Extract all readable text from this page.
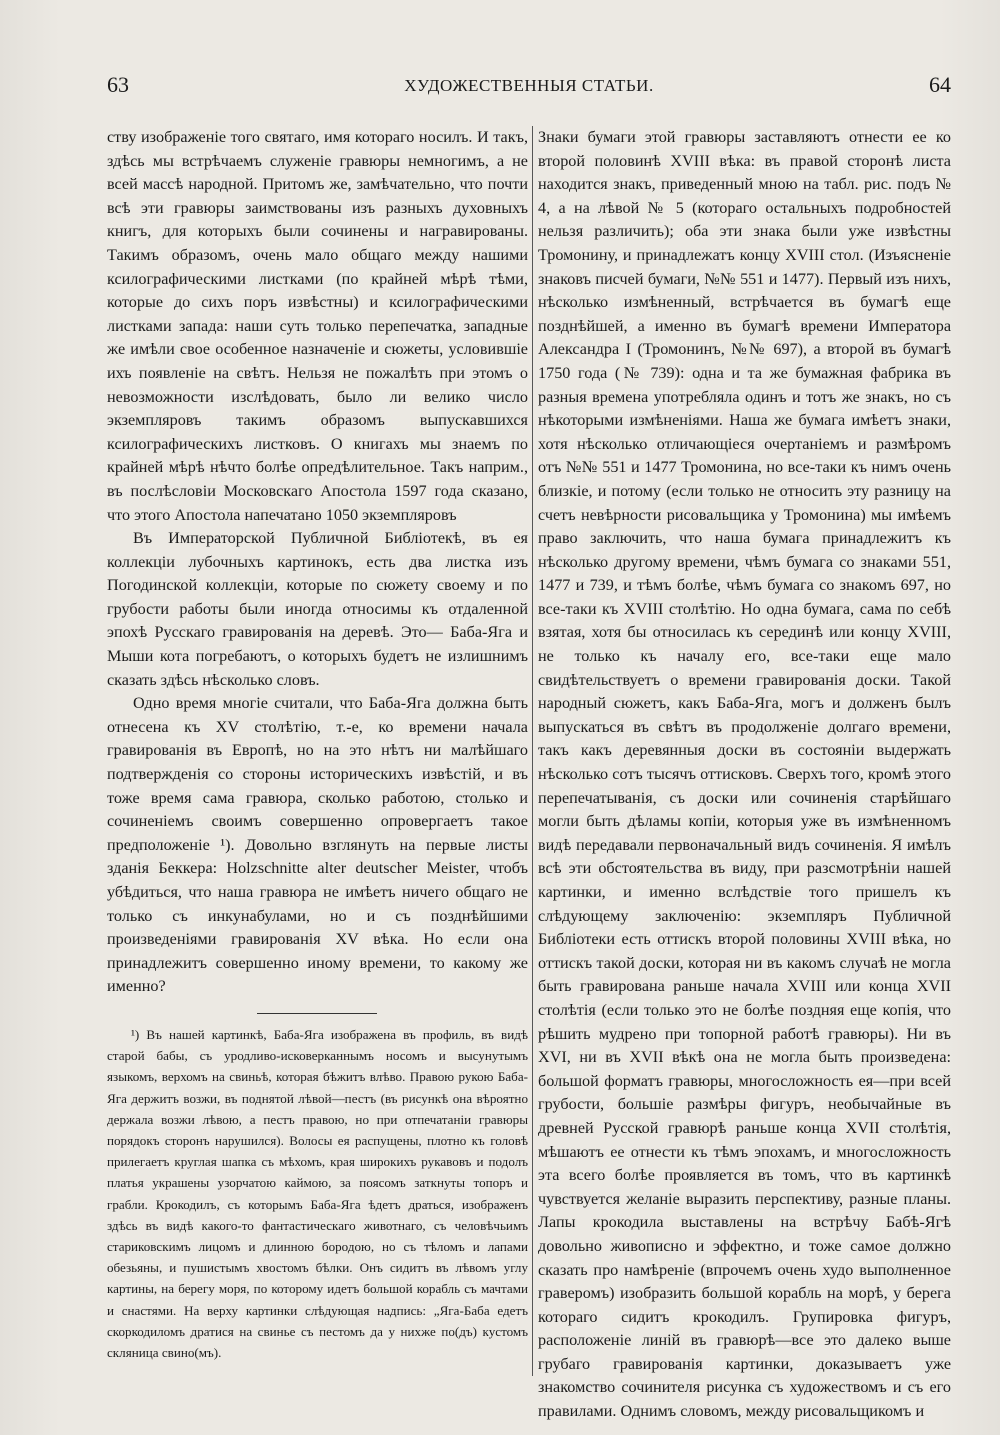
63	ХУДОЖЕСТВЕННЫЯ СТАТЬИ.	64

ству изображеніе того святаго, имя котораго носилъ. И такъ, здѣсь мы встрѣчаемъ служеніе гравюры немногимъ, а не всей массѣ народной. Притомъ же, замѣчательно, что почти всѣ эти гравюры заимствованы изъ разныхъ духовныхъ книгъ, для которыхъ были сочинены и награвированы. Такимъ образомъ, очень мало общаго между нашими ксилографическими листками (по крайней мѣрѣ тѣми, которые до сихъ поръ извѣстны) и ксилографическими листками запада: наши суть только перепечатка, западные же имѣли свое особенное назначеніе и сюжеты, условившіе ихъ появленіе на свѣтъ. Нельзя не пожалѣть при этомъ о невозможности изслѣдовать, было ли велико число экземпляровъ такимъ образомъ выпускавшихся ксилографическихъ листковъ. О книгахъ мы знаемъ по крайней мѣрѣ нѣчто болѣе опредѣлительное. Такъ наприм., въ послѣсловіи Московскаго Апостола 1597 года сказано, что этого Апостола напечатано 1050 экземпляровъ

Въ Императорской Публичной Библіотекѣ, въ ея коллекціи лубочныхъ картинокъ, есть два листка изъ Погодинской коллекціи, которые по сюжету своему и по грубости работы были иногда относимы къ отдаленной эпохѣ Русскаго гравированія на деревѣ. Это— Баба-Яга и Мыши кота погребаютъ, о которыхъ будетъ не излишнимъ сказать здѣсь нѣсколько словъ.

Одно время многіе считали, что Баба-Яга должна быть отнесена къ XV столѣтію, т.-е, ко времени начала гравированія въ Европѣ, но на это нѣтъ ни малѣйшаго подтвержденія со стороны историческихъ извѣстій, и въ тоже время сама гравюра, сколько работою, столько и сочиненіемъ своимъ совершенно опровергаетъ такое предположеніе ¹). Довольно взглянуть на первые листы зданія Беккера: Holzschnitte alter deutscher Meister, чтобъ убѣдиться, что наша гравюра не имѣетъ ничего общаго не только съ инкунабулами, но и съ позднѣйшими произведеніями гравированія XV вѣка. Но если она принадлежитъ совершенно иному времени, то какому же именно?

¹) Въ нашей картинкѣ, Баба-Яга изображена въ профиль, въ видѣ старой бабы, съ уродливо-исковерканнымъ носомъ и высунутымъ языкомъ, верхомъ на свиньѣ, которая бѣжитъ влѣво. Правою рукою Баба-Яга держитъ возжи, въ поднятой лѣвой—пестъ (въ рисункѣ она вѣроятно держала возжи лѣвою, а пестъ правою, но при отпечатаніи гравюры порядокъ сторонъ нарушился). Волосы ея распущены, плотно къ головѣ прилегаетъ круглая шапка съ мѣхомъ, края широкихъ рукавовъ и подолъ платья украшены узорчатою каймою, за поясомъ заткнуты топоръ и грабли. Крокодилъ, съ которымъ Баба-Яга ѣдетъ драться, изображенъ здѣсь въ видѣ какого-то фантастическаго животнаго, съ человѣчьимъ стариковскимъ лицомъ и длинною бородою, но съ тѣломъ и лапами обезьяны, и пушистымъ хвостомъ бѣлки. Онъ сидитъ въ лѣвомъ углу картины, на берегу моря, по которому идетъ большой корабль съ мачтами и снастями. На верху картинки слѣдующая надпись: „Яга-Баба едетъ скоркодиломъ дратися на свинье съ пестомъ да у нихже по(дъ) кустомъ скляница свино(мъ).

Знаки бумаги этой гравюры заставляютъ отнести ее ко второй половинѣ XVIII вѣка: въ правой сторонѣ листа находится знакъ, приведенный мною на табл. рис. подъ № 4, а на лѣвой № 5 (котораго остальныхъ подробностей нельзя различить); оба эти знака были уже извѣстны Тромонину, и принадлежатъ концу XVIII стол. (Изъясненіе знаковъ писчей бумаги, №№ 551 и 1477). Первый изъ нихъ, нѣсколько измѣненный, встрѣчается въ бумагѣ еще позднѣйшей, а именно въ бумагѣ времени Императора Александра I (Тромонинъ, №№ 697), а второй въ бумагѣ 1750 года (№ 739): одна и та же бумажная фабрика въ разныя времена употребляла одинъ и тотъ же знакъ, но съ нѣкоторыми измѣненіями. Наша же бумага имѣетъ знаки, хотя нѣсколько отличающіеся очертаніемъ и размѣромъ отъ №№ 551 и 1477 Тромонина, но все-таки къ нимъ очень близкіе, и потому (если только не относить эту разницу на счетъ невѣрности рисовальщика у Тромонина) мы имѣемъ право заключить, что наша бумага принадлежитъ къ нѣсколько другому времени, чѣмъ бумага со знаками 551, 1477 и 739, и тѣмъ болѣе, чѣмъ бумага со знакомъ 697, но все-таки къ XVIII столѣтію. Но одна бумага, сама по себѣ взятая, хотя бы относилась къ серединѣ или концу XVIII, не только къ началу его, все-таки еще мало свидѣтельствуетъ о времени гравированія доски. Такой народный сюжетъ, какъ Баба-Яга, могъ и долженъ былъ выпускаться въ свѣтъ въ продолженіе долгаго времени, такъ какъ деревянныя доски въ состояніи выдержать нѣсколько сотъ тысячъ оттисковъ. Сверхъ того, кромѣ этого перепечатыванія, съ доски или сочиненія старѣйшаго могли быть дѣламы копіи, которыя уже въ измѣненномъ видѣ передавали первоначальный видъ сочиненія. Я имѣлъ всѣ эти обстоятельства въ виду, при разсмотрѣніи нашей картинки, и именно вслѣдствіе того пришелъ къ слѣдующему заключенію: экземпляръ Публичной Библіотеки есть оттискъ второй половины XVIII вѣка, но оттискъ такой доски, которая ни въ какомъ случаѣ не могла быть гравирована раньше начала XVIII или конца XVII столѣтія (если только это не болѣе поздняя еще копія, что рѣшить мудрено при топорной работѣ гравюры). Ни въ XVI, ни въ XVII вѣкѣ она не могла быть произведена: большой форматъ гравюры, многосложность ея—при всей грубости, большіе размѣры фигуръ, необычайные въ древней Русской гравюрѣ раньше конца XVII столѣтія, мѣшаютъ ее отнести къ тѣмъ эпохамъ, и многосложность эта всего болѣе проявляется въ томъ, что въ картинкѣ чувствуется желаніе выразить перспективу, разные планы. Лапы крокодила выставлены на встрѣчу Бабѣ-Ягѣ довольно живописно и эффектно, и тоже самое должно сказать про намѣреніе (впрочемъ очень худо выполненное граверомъ) изобразить большой корабль на морѣ, у берега котораго сидитъ крокодилъ. Групировка фигуръ, расположеніе линій въ гравюрѣ—все это далеко выше грубаго гравированія картинки, доказываетъ уже знакомство сочинителя рисунка съ художествомъ и съ его правилами. Однимъ словомъ, между рисовальщикомъ и
